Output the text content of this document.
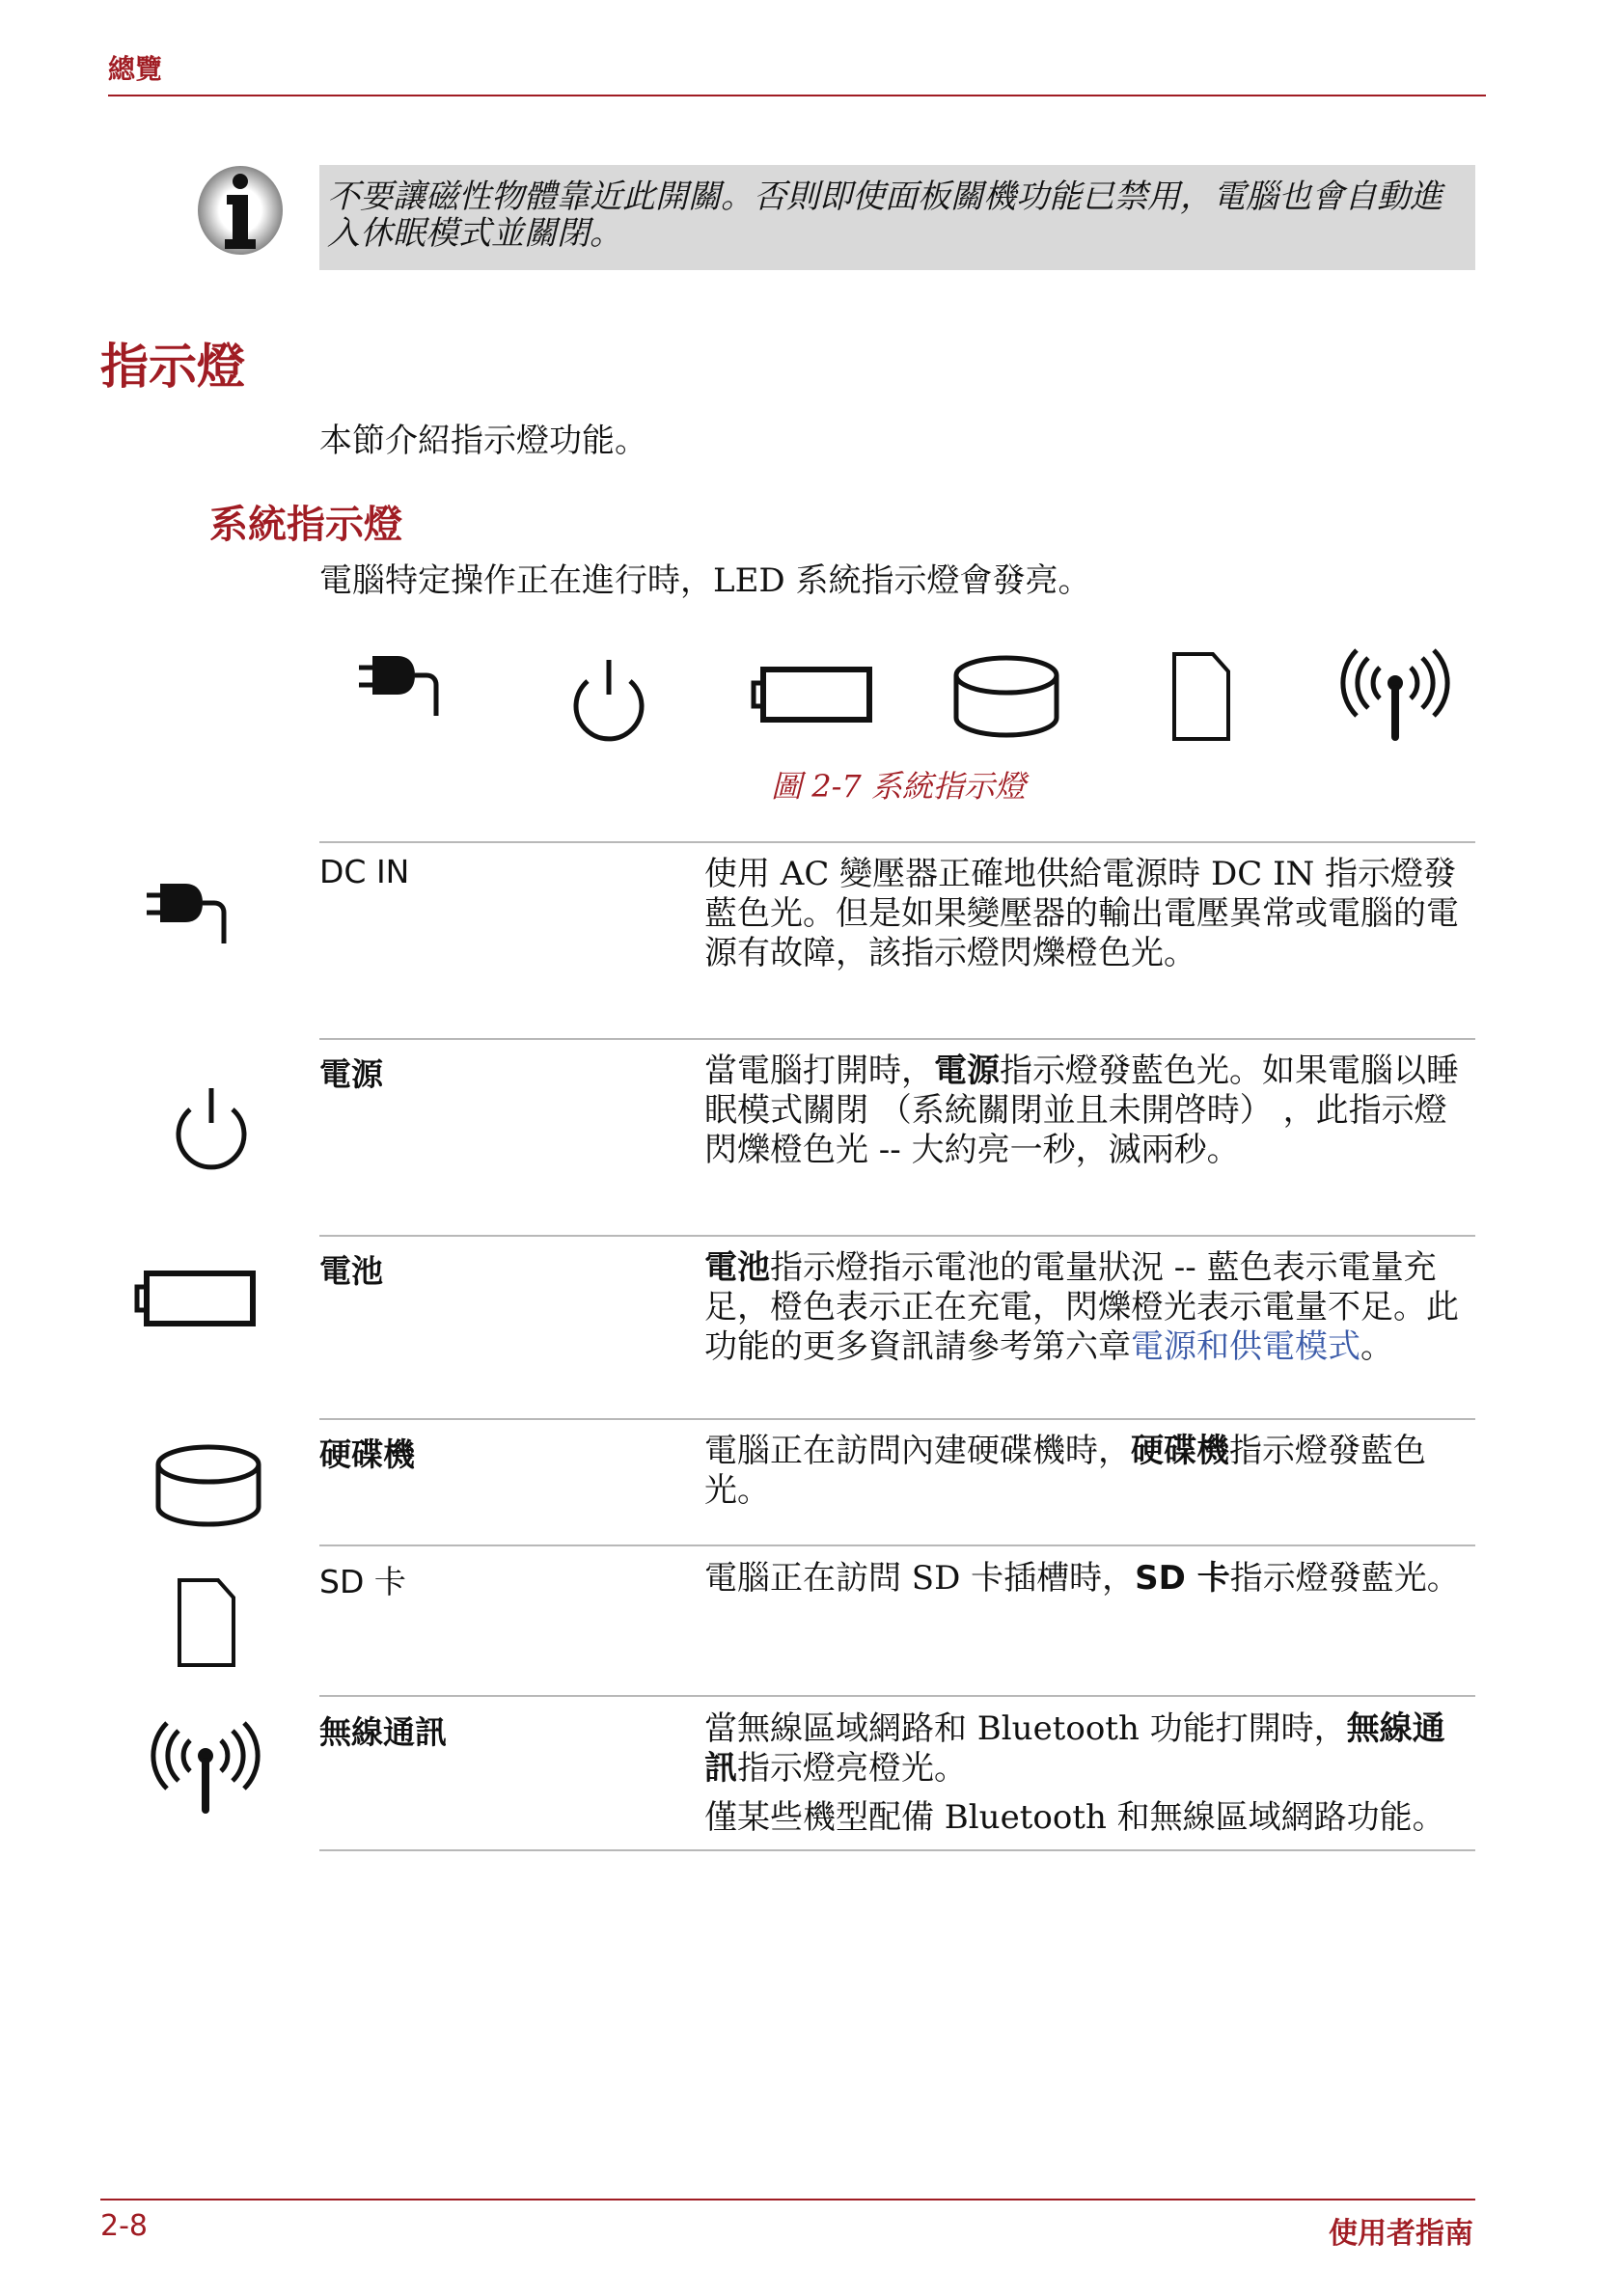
總覽
不要讓磁性物體靠近此開關。否則即使面板關機功能已禁用，電腦也會自動進入休眠模式並關閉。
指示燈
本節介紹指示燈功能。
系統指示燈
電腦特定操作正在進行時，LED 系統指示燈會發亮。
圖 2-7 系統指示燈
DC IN	使用 AC 變壓器正確地供給電源時 DC IN 指示燈發藍色光。但是如果變壓器的輸出電壓異常或電腦的電源有故障，該指示燈閃爍橙色光。
電源	當電腦打開時，電源指示燈發藍色光。如果電腦以睡眠模式關閉 （系統關閉並且未開啓時） ，此指示燈閃爍橙色光 -- 大約亮一秒，滅兩秒。
電池	電池指示燈指示電池的電量狀況 -- 藍色表示電量充足，橙色表示正在充電，閃爍橙光表示電量不足。此功能的更多資訊請參考第六章電源和供電模式。
硬碟機	電腦正在訪問內建硬碟機時，硬碟機指示燈發藍色光。
SD 卡	電腦正在訪問 SD 卡插槽時，SD 卡指示燈發藍光。
無線通訊	當無線區域網路和 Bluetooth 功能打開時，無線通訊指示燈亮橙光。
僅某些機型配備 Bluetooth 和無線區域網路功能。
2-8	使用者指南
